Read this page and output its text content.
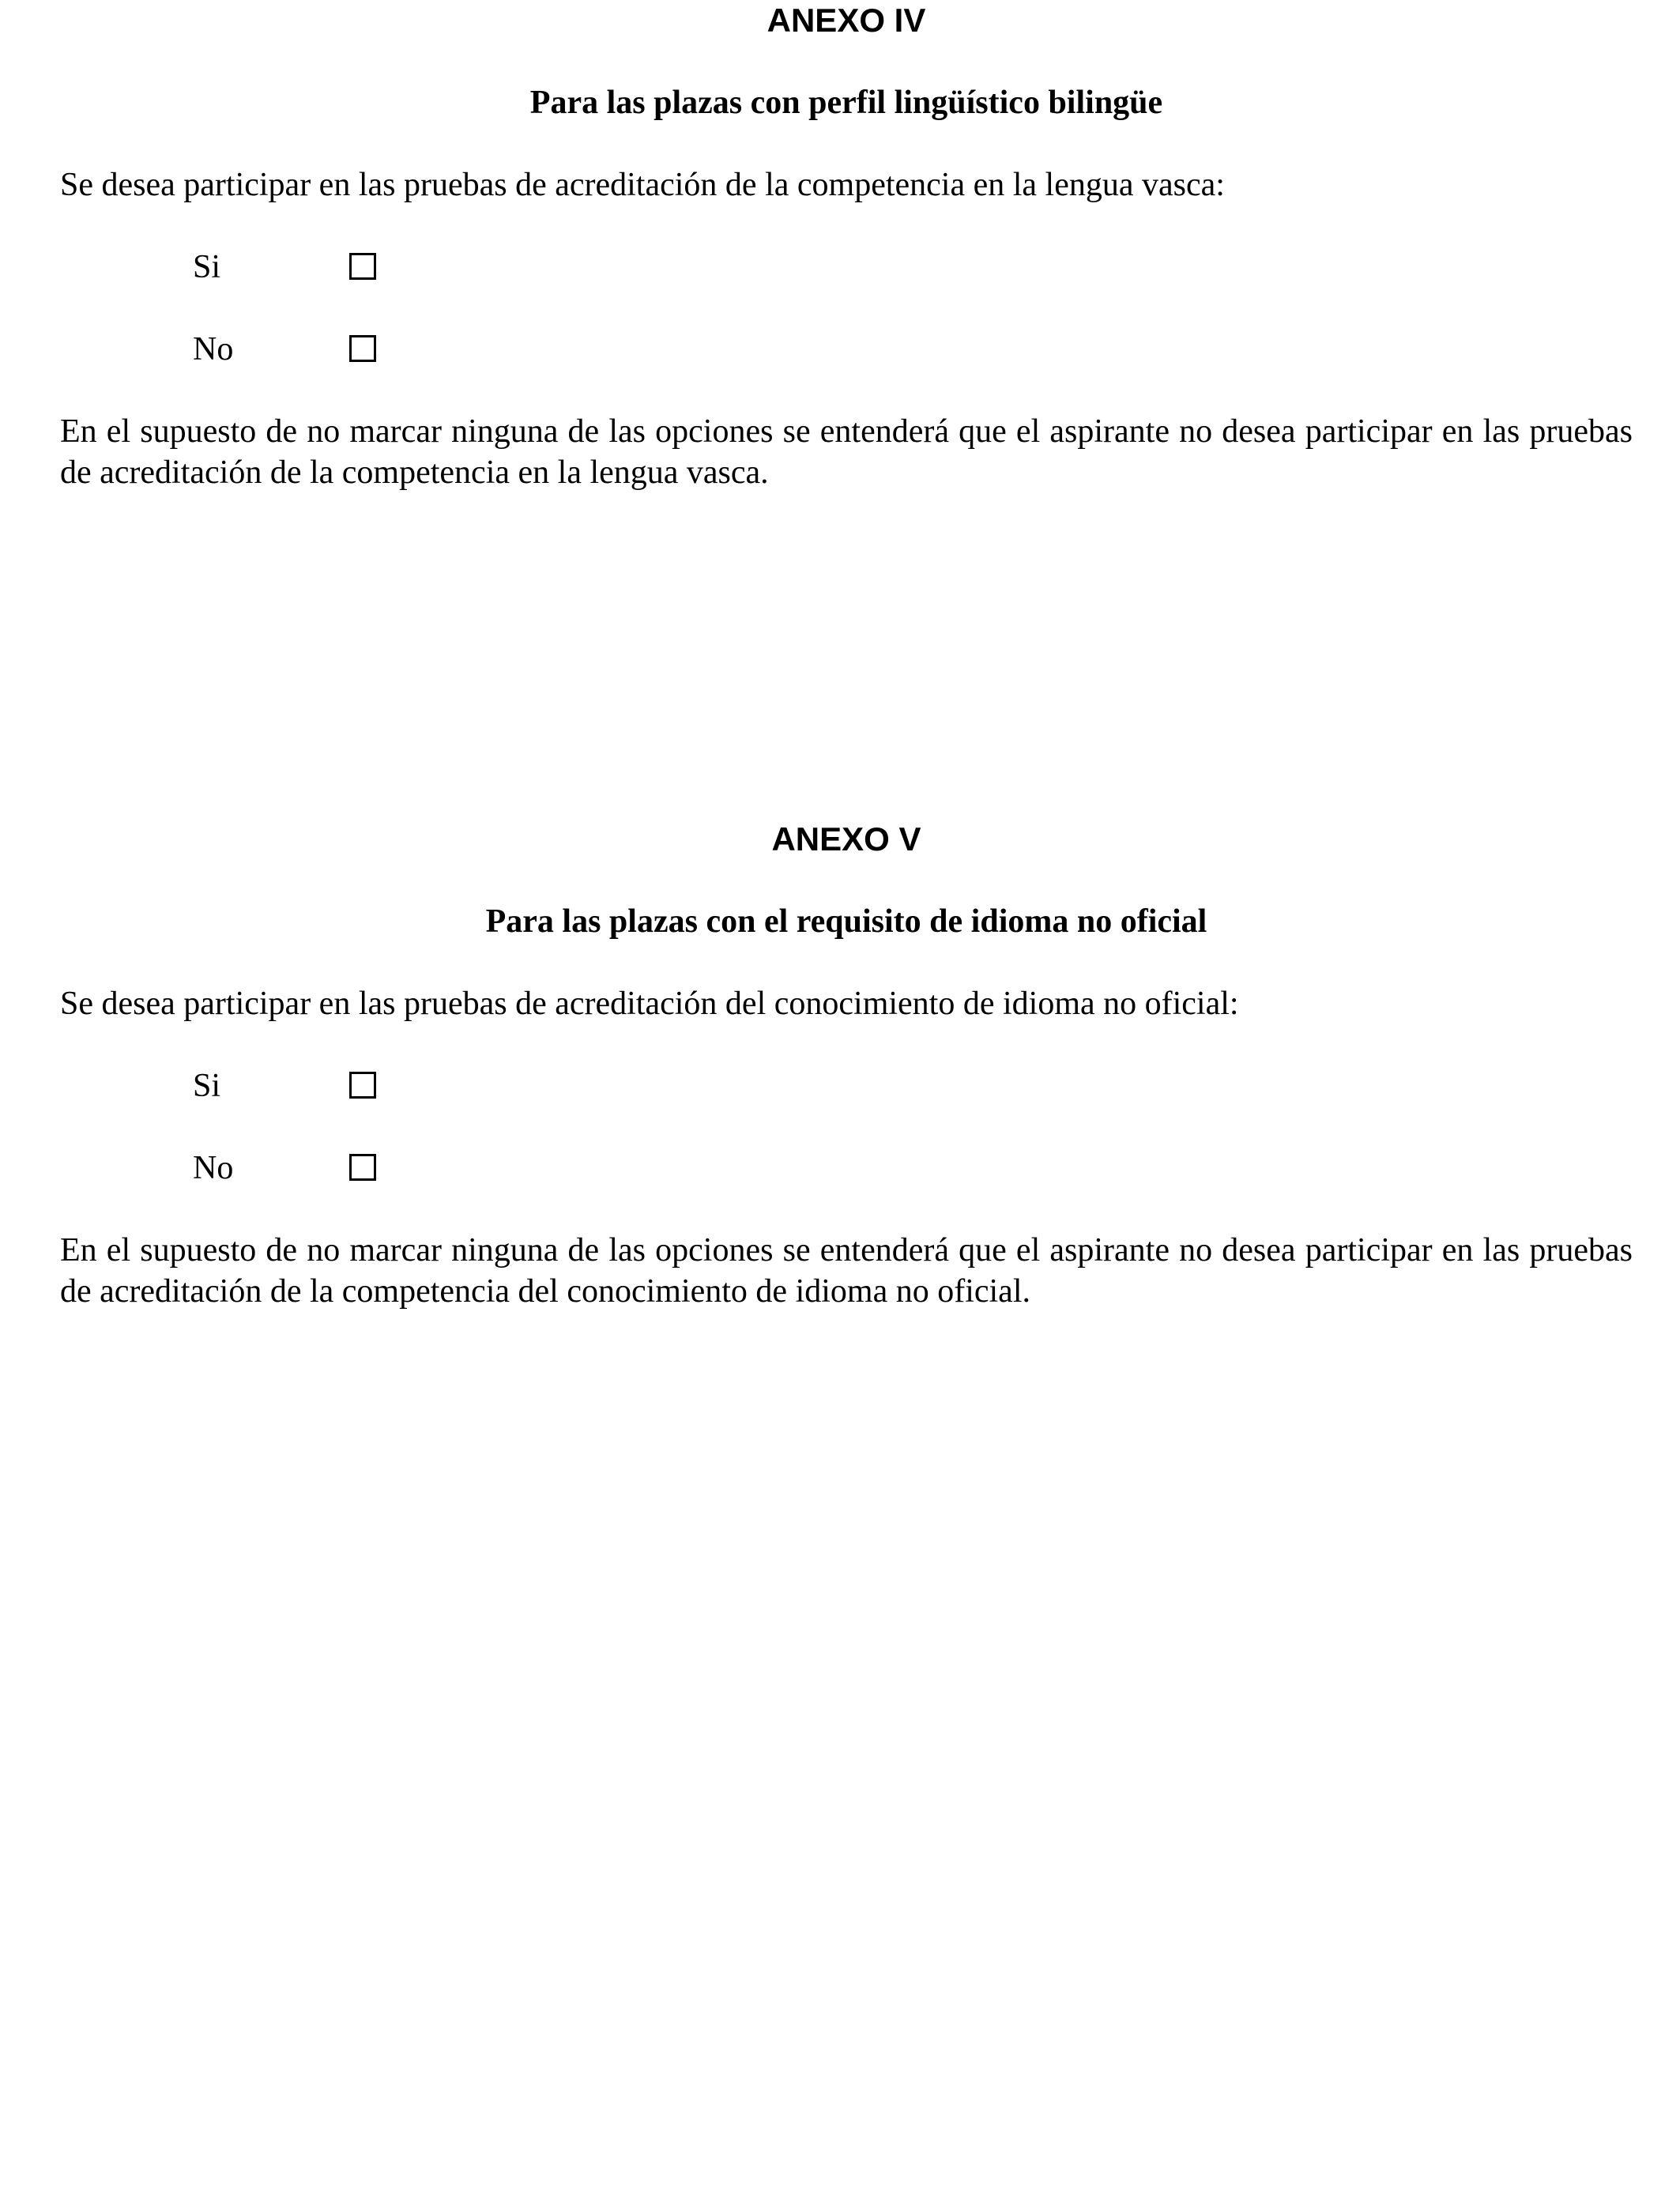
ANEXO IV
Para las plazas con perfil lingüístico bilingüe

Se desea participar en las pruebas de acreditación de la competencia en la lengua vasca:

Si
No

En el supuesto de no marcar ninguna de las opciones se entenderá que el aspirante no desea participar en las pruebas de acreditación de la competencia en la lengua vasca.

ANEXO V
Para las plazas con el requisito de idioma no oficial

Se desea participar en las pruebas de acreditación del conocimiento de idioma no oficial:

Si
No

En el supuesto de no marcar ninguna de las opciones se entenderá que el aspirante no desea participar en las pruebas de acreditación de la competencia del conocimiento de idioma no oficial.
